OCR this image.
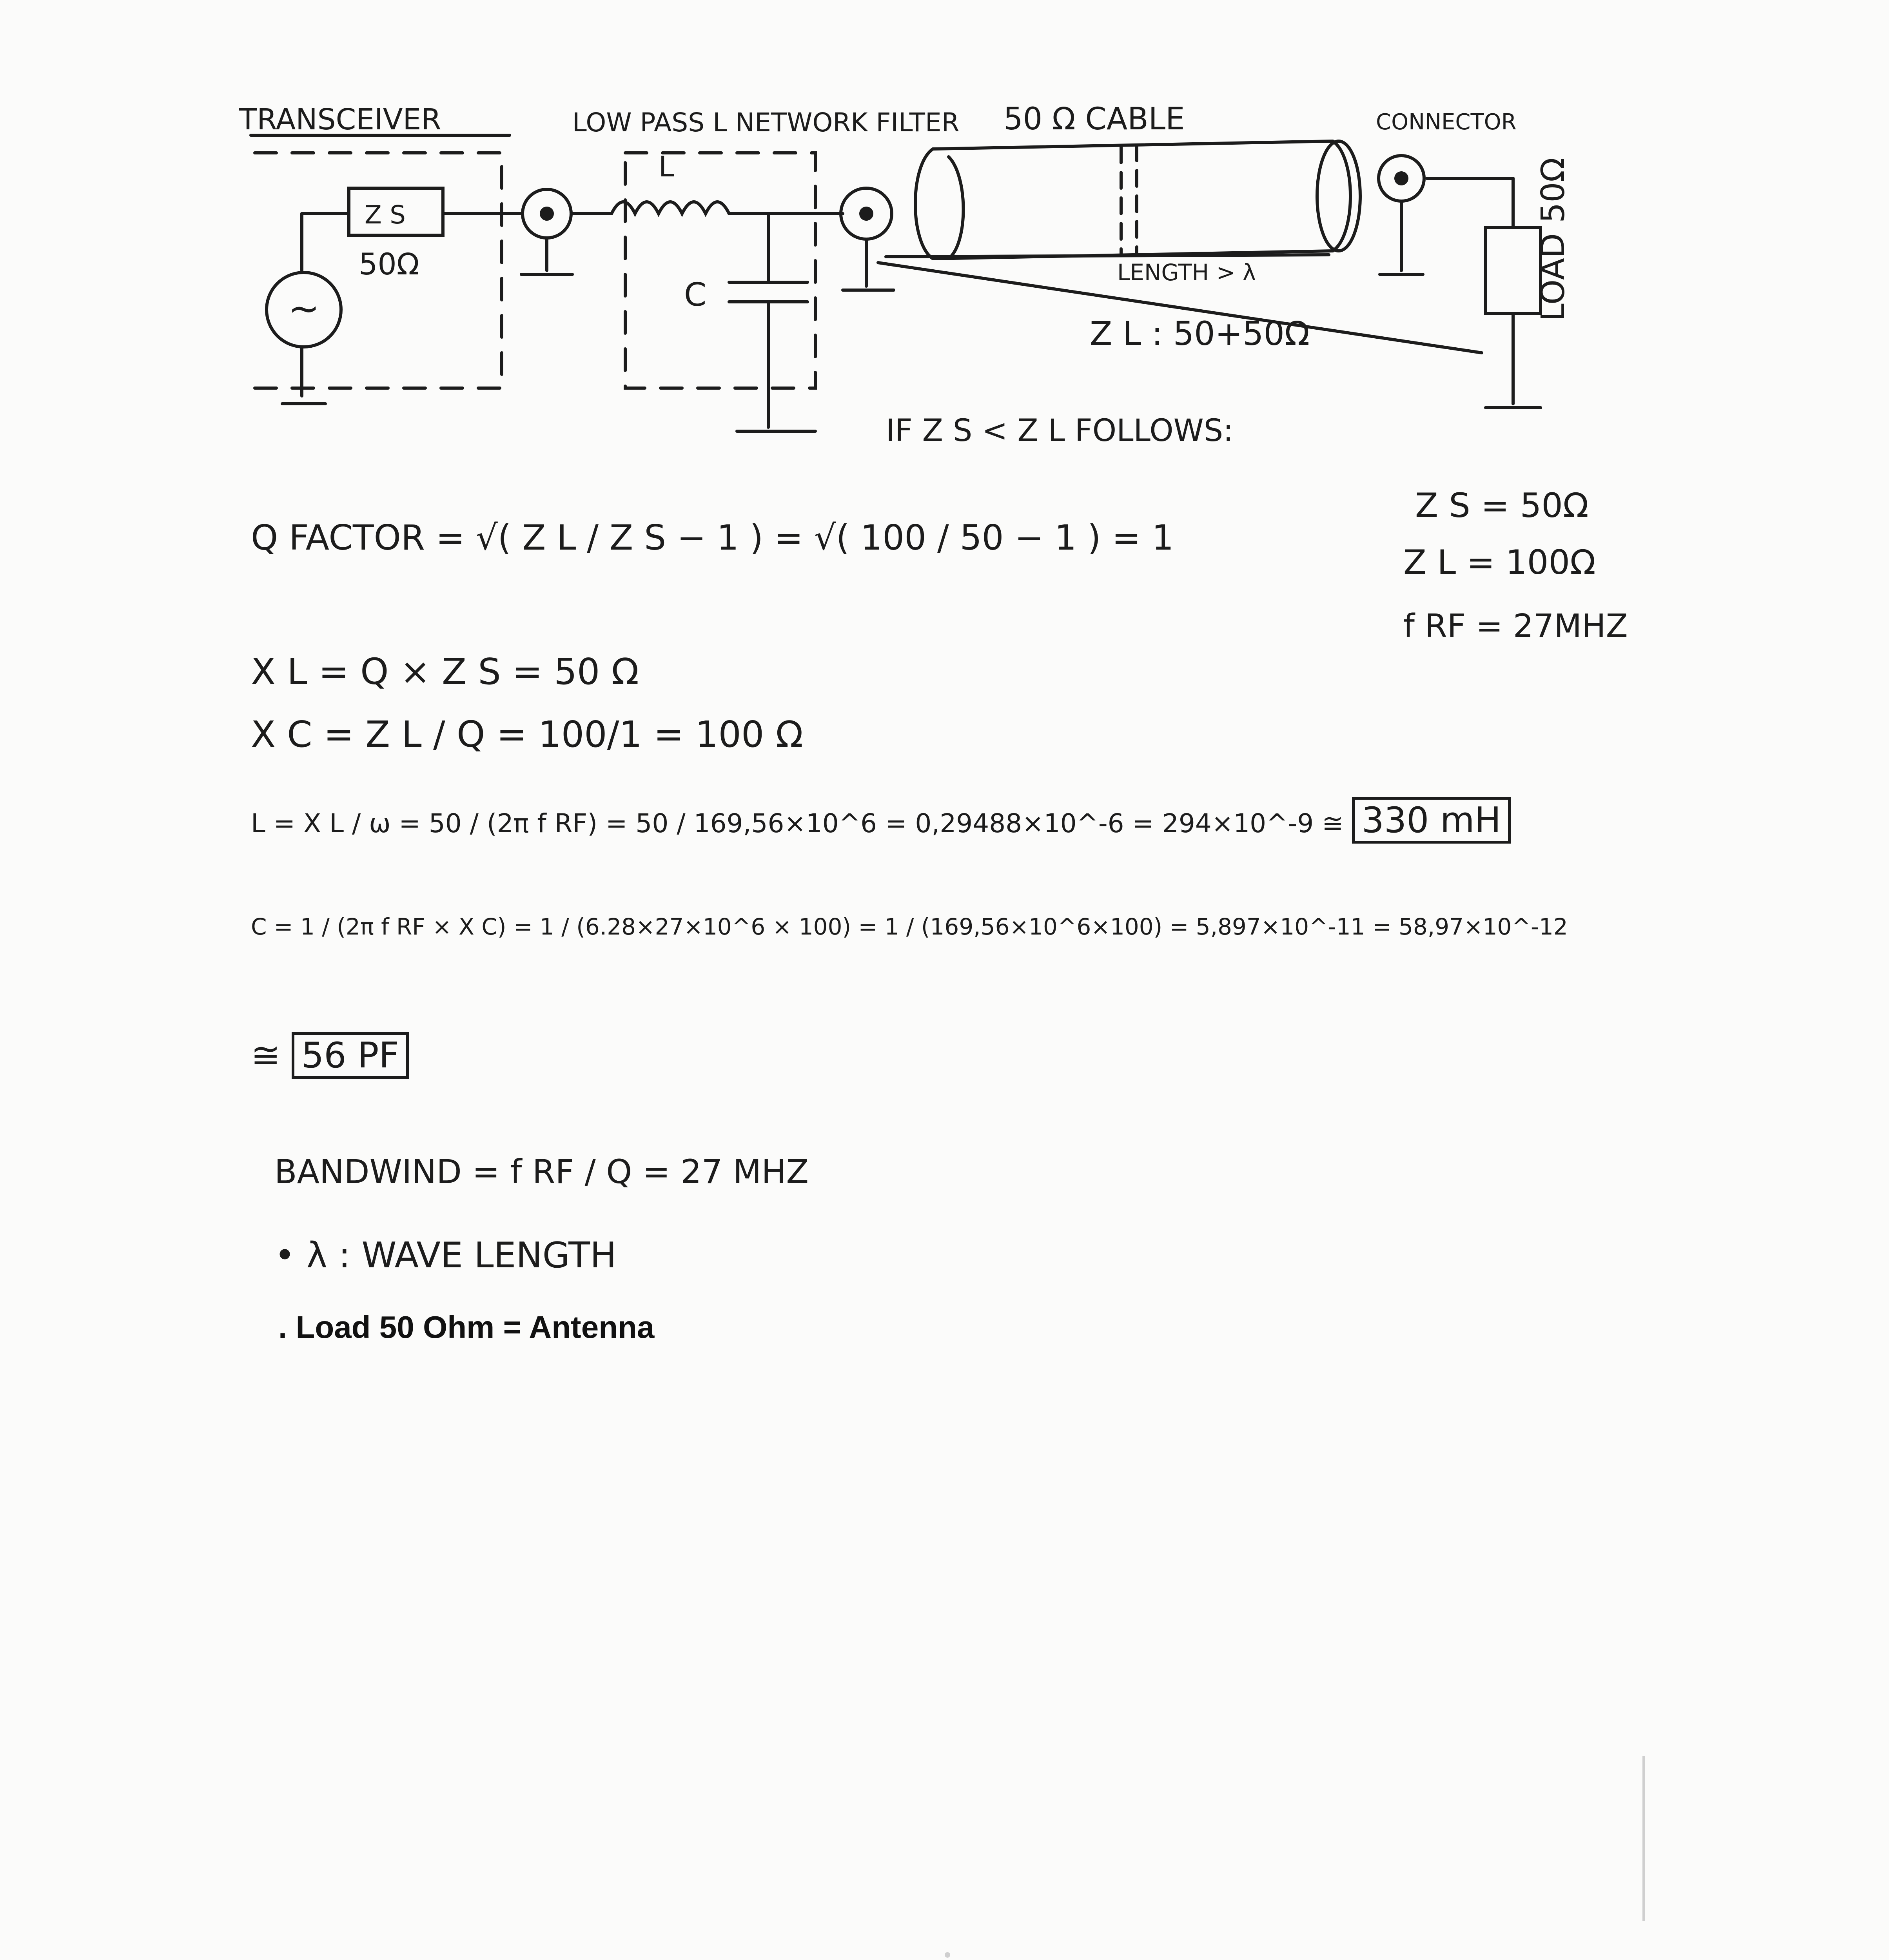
TRANSCEIVER	LOW PASS L NETWORK FILTER 50 Ω CABLE	CONNECTOR
LOAD 50Ω
Z S
50Ω
L
C
~
LENGTH > λ
Z L : 50+50Ω
IF Z S < Z L FOLLOWS:
Z S = 50Ω
Z L = 100Ω
f RF = 27MHZ
Q FACTOR = √( Z L / Z S − 1 ) = √( 100 / 50 − 1 ) = 1
X L = Q × Z S = 50 Ω
X C = Z L / Q = 100/1 = 100 Ω
L = X L / ω = 50 / (2π f RF) = 50 / 169,56×10^6 = 0,29488×10^-6 = 294×10^-9 ≅ 330 mH
C = 1 / (2π f RF × X C) = 1 / (6.28×27×10^6 × 100) = 1 / (169,56×10^6×100) = 5,897×10^-11 = 58,97×10^-12
≅ 56 PF
BANDWIND = f RF / Q = 27 MHZ
• λ : WAVE LENGTH
. Load 50 Ohm = Antenna
